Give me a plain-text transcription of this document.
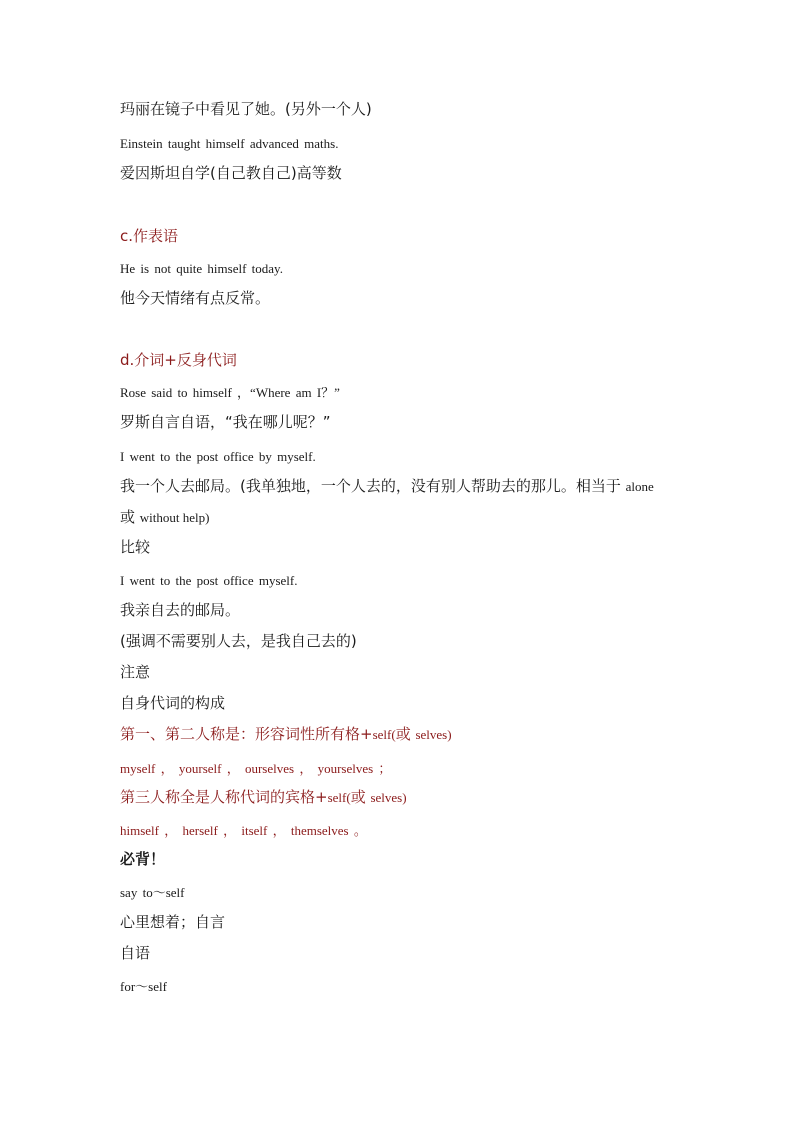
玛丽在镜子中看见了她。(另外一个人)
Einstein taught himself advanced maths.
爱因斯坦自学(自己教自己)高等数
c.作表语
He is not quite himself today.
他今天情绪有点反常。
d.介词+反身代词
Rose said to himself ，“Where am I？”
罗斯自言自语，“我在哪儿呢？”
I went to the post office by myself.
我一个人去邮局。(我单独地，一个人去的，没有别人帮助去的那儿。相当于 alone
或 without help)
比较
I went to the post office myself.
我亲自去的邮局。
(强调不需要别人去，是我自己去的)
注意
自身代词的构成
第一、第二人称是：形容词性所有格+self(或 selves)
myself ， yourself ， ourselves ， yourselves ；
第三人称全是人称代词的宾格+self(或 selves)
himself ， herself ， itself ， themselves 。
必背！
say to～self
心里想着；自言
自语
for～self
